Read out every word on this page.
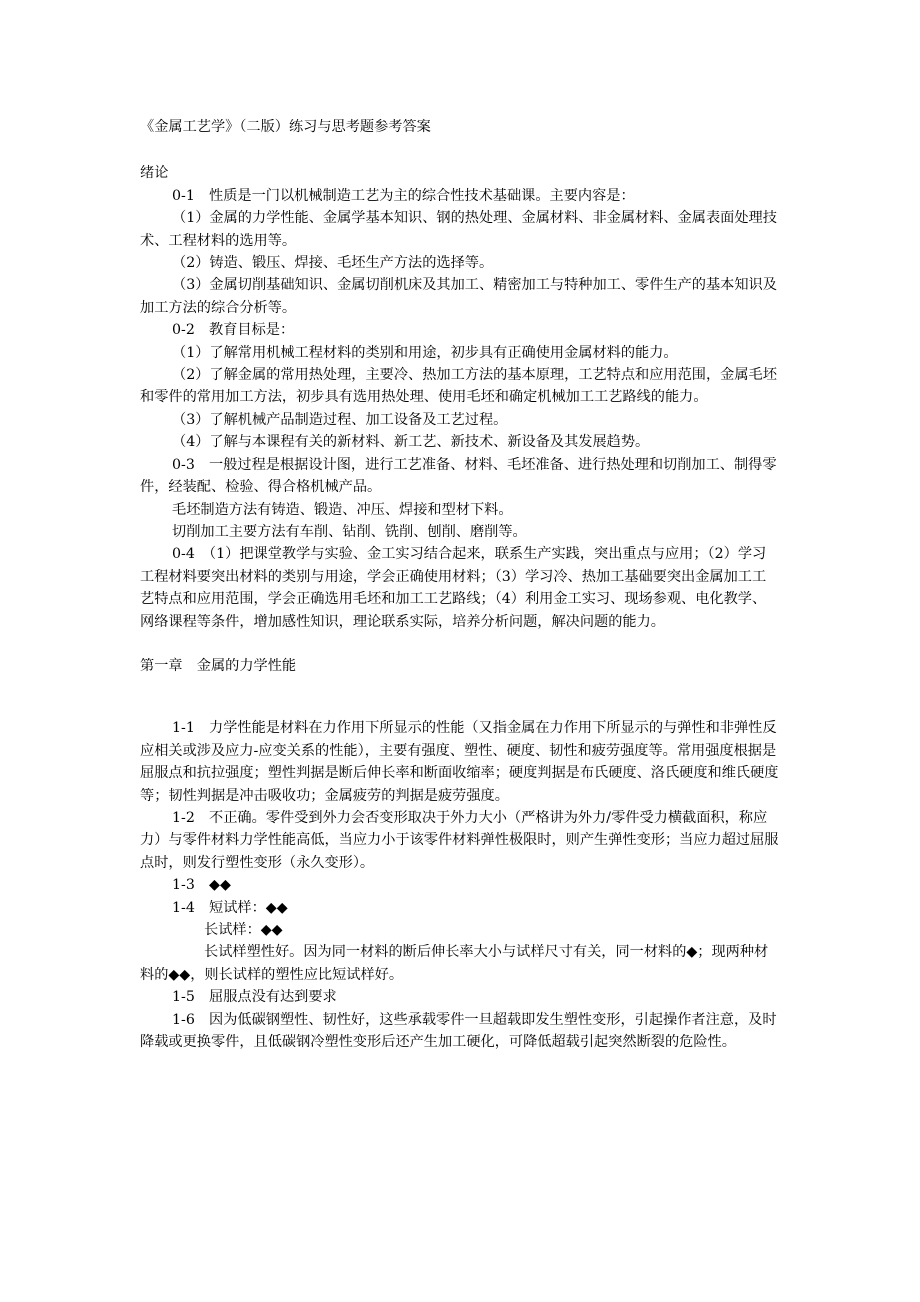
《金属工艺学》（二版）练习与思考题参考答案

绪论

0-1　性质是一门以机械制造工艺为主的综合性技术基础课。主要内容是：

（1）金属的力学性能、金属学基本知识、钢的热处理、金属材料、非金属材料、金属表面处理技术、工程材料的选用等。

（2）铸造、锻压、焊接、毛坯生产方法的选择等。

（3）金属切削基础知识、金属切削机床及其加工、精密加工与特种加工、零件生产的基本知识及加工方法的综合分析等。

0-2　教育目标是：

（1）了解常用机械工程材料的类别和用途，初步具有正确使用金属材料的能力。

（2）了解金属的常用热处理，主要冷、热加工方法的基本原理，工艺特点和应用范围，金属毛坯和零件的常用加工方法，初步具有选用热处理、使用毛坯和确定机械加工工艺路线的能力。

（3）了解机械产品制造过程、加工设备及工艺过程。

（4）了解与本课程有关的新材料、新工艺、新技术、新设备及其发展趋势。

0-3　一般过程是根据设计图，进行工艺准备、材料、毛坯准备、进行热处理和切削加工、制得零件，经装配、检验、得合格机械产品。

毛坯制造方法有铸造、锻造、冲压、焊接和型材下料。

切削加工主要方法有车削、钻削、铣削、刨削、磨削等。

0-4　（1）把课堂教学与实验、金工实习结合起来，联系生产实践，突出重点与应用；（2）学习工程材料要突出材料的类别与用途，学会正确使用材料；（3）学习冷、热加工基础要突出金属加工工艺特点和应用范围，学会正确选用毛坯和加工工艺路线；（4）利用金工实习、现场参观、电化教学、网络课程等条件，增加感性知识，理论联系实际，培养分析问题，解决问题的能力。

第一章　金属的力学性能

1-1　力学性能是材料在力作用下所显示的性能（又指金属在力作用下所显示的与弹性和非弹性反应相关或涉及应力-应变关系的性能），主要有强度、塑性、硬度、韧性和疲劳强度等。常用强度根据是屈服点和抗拉强度；塑性判据是断后伸长率和断面收缩率；硬度判据是布氏硬度、洛氏硬度和维氏硬度等；韧性判据是冲击吸收功；金属疲劳的判据是疲劳强度。

1-2　不正确。零件受到外力会否变形取决于外力大小（严格讲为外力/零件受力横截面积，称应力）与零件材料力学性能高低，当应力小于该零件材料弹性极限时，则产生弹性变形；当应力超过屈服点时，则发行塑性变形（永久变形）。

1-3　◆◆

1-4　短试样：◆◆

长试样：◆◆

长试样塑性好。因为同一材料的断后伸长率大小与试样尺寸有关，同一材料的◆；现两种材料的◆◆，则长试样的塑性应比短试样好。

1-5　屈服点没有达到要求

1-6　因为低碳钢塑性、韧性好，这些承载零件一旦超载即发生塑性变形，引起操作者注意，及时降载或更换零件，且低碳钢冷塑性变形后还产生加工硬化，可降低超载引起突然断裂的危险性。
